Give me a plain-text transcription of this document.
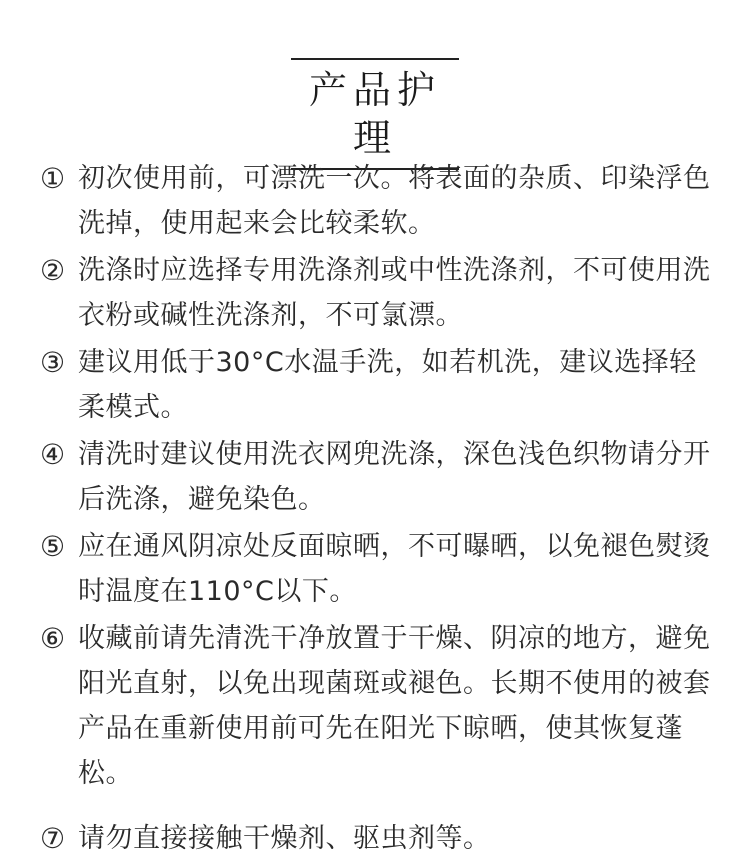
产品护理
① 初次使用前，可漂洗一次。将表面的杂质、印染浮色洗掉，使用起来会比较柔软。
② 洗涤时应选择专用洗涤剂或中性洗涤剂，不可使用洗衣粉或碱性洗涤剂，不可氯漂。
③ 建议用低于30°C水温手洗，如若机洗，建议选择轻柔模式。
④ 清洗时建议使用洗衣网兜洗涤，深色浅色织物请分开后洗涤，避免染色。
⑤ 应在通风阴凉处反面晾晒，不可曝晒，以免褪色熨烫时温度在110°C以下。
⑥ 收藏前请先清洗干净放置于干燥、阴凉的地方，避免阳光直射，以免出现菌斑或褪色。长期不使用的被套产品在重新使用前可先在阳光下晾晒，使其恢复蓬松。
⑦ 请勿直接接触干燥剂、驱虫剂等。
